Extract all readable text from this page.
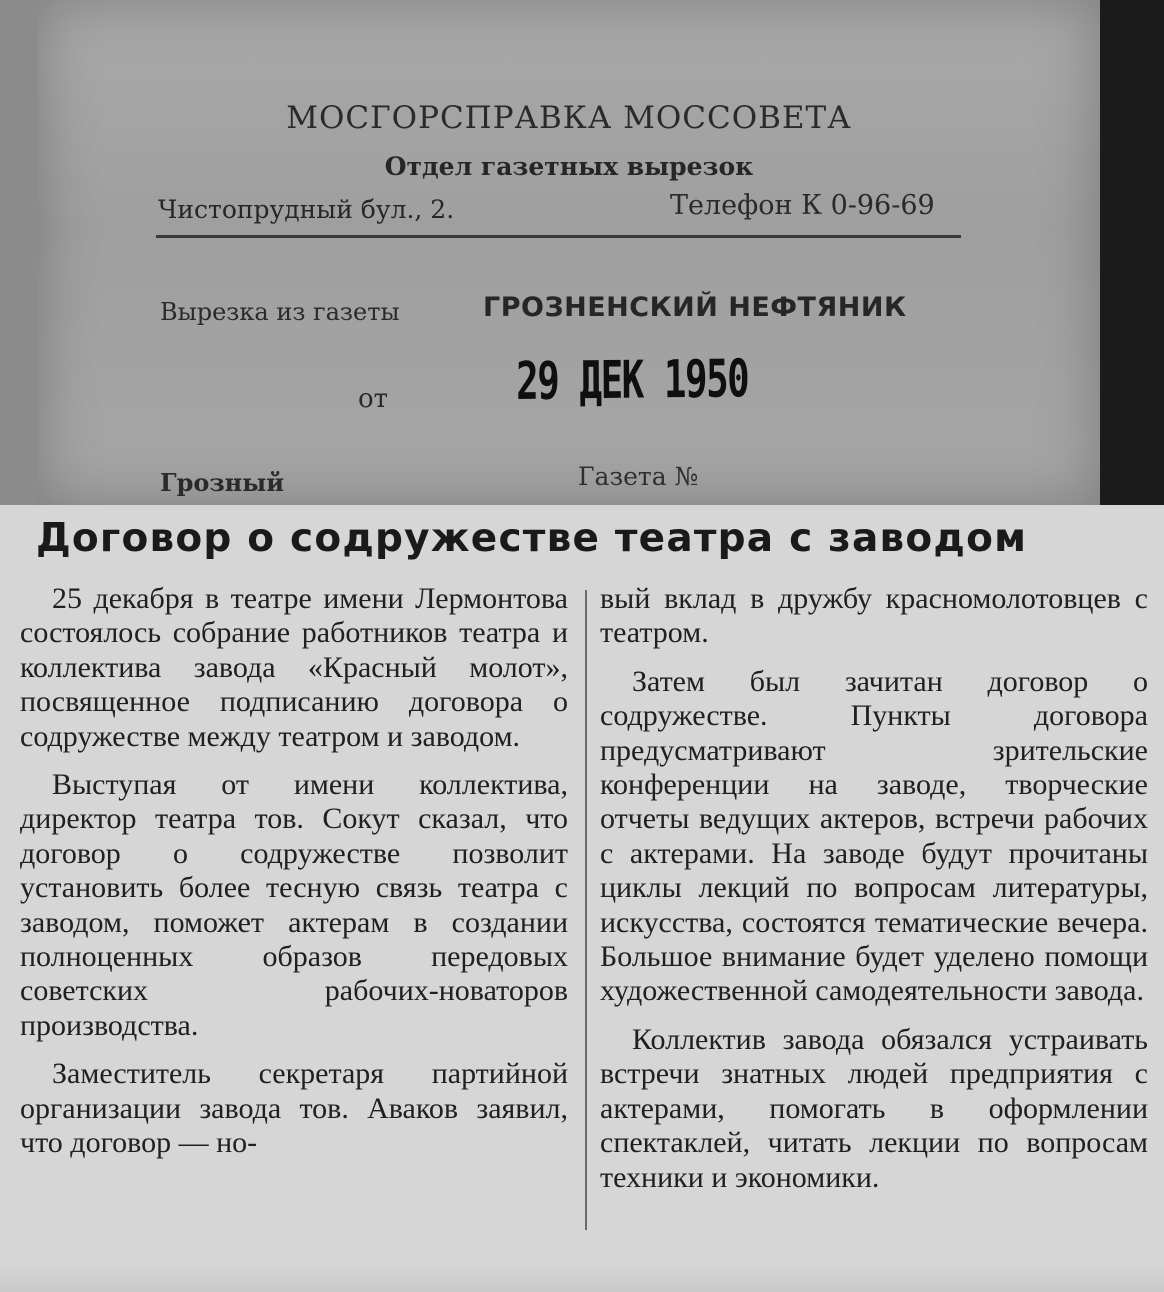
МОСГОРСПРАВКА МОССОВЕТА
Отдел газетных вырезок
Чистопрудный бул., 2.	Телефон К 0-96-69
Вырезка из газеты	ГРОЗНЕНСКИЙ НЕФТЯНИК
от 29 ДЕК 1950
Грозный	Газета №
Договор о содружестве театра с заводом

25 декабря в театре имени Лермонтова состоялось собрание работников театра и коллектива завода «Красный молот», посвященное подписанию договора о содружестве между театром и заводом.

Выступая от имени коллектива, директор театра тов. Сокут сказал, что договор о содружестве позволит установить более тесную связь театра с заводом, поможет актерам в создании полноценных образов передовых советских рабочих-новаторов производства.

Заместитель секретаря партийной организации завода тов. Аваков заявил, что договор — но-

вый вклад в дружбу красномолотовцев с театром.

Затем был зачитан договор о содружестве. Пункты договора предусматривают зрительские конференции на заводе, творческие отчеты ведущих актеров, встречи рабочих с актерами. На заводе будут прочитаны циклы лекций по вопросам литературы, искусства, состоятся тематические вечера. Большое внимание будет уделено помощи художественной самодеятельности завода.

Коллектив завода обязался устраивать встречи знатных людей предприятия с актерами, помогать в оформлении спектаклей, читать лекции по вопросам техники и экономики.
